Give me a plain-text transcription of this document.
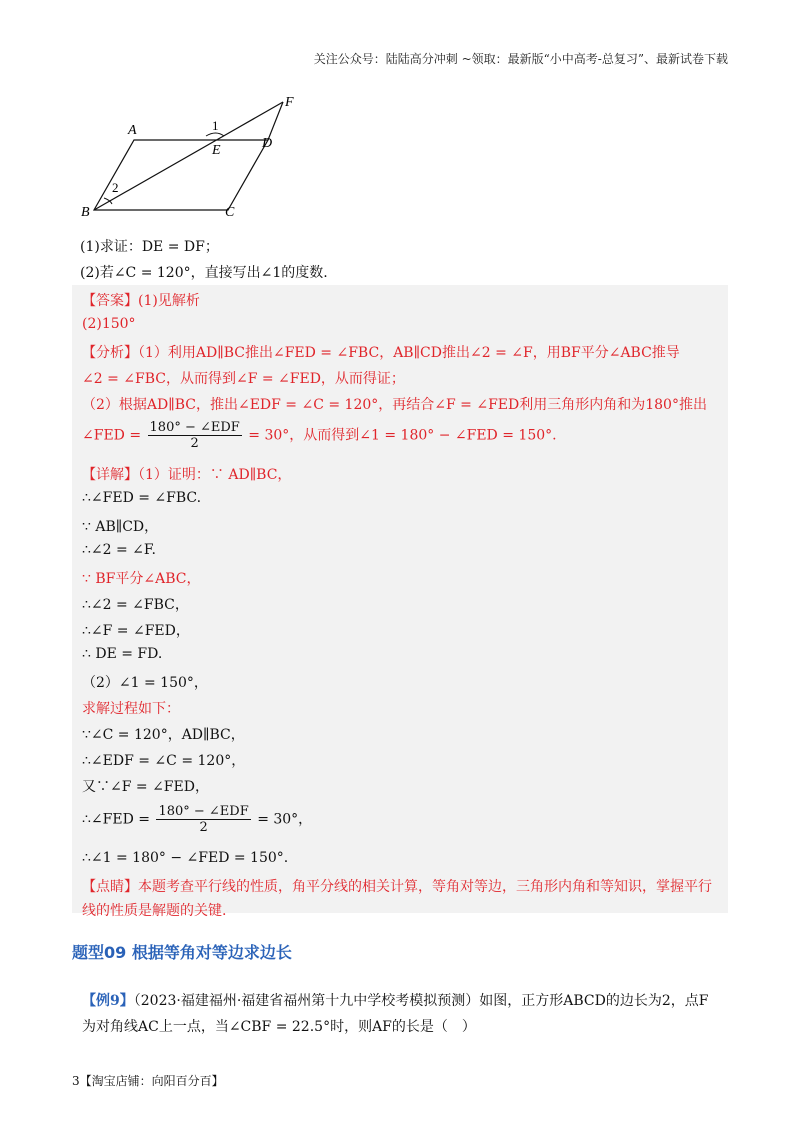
关注公众号：陆陆高分冲刺 ~领取：最新版“小中高考-总复习”、最新试卷下载
A
D
E
F
B	C
1
2
(1)求证：DE = DF；
(2)若∠C = 120°，直接写出∠1的度数.
【答案】(1)见解析
(2)150°
【分析】（1）利用AD∥BC推出∠FED = ∠FBC，AB∥CD推出∠2 = ∠F，用BF平分∠ABC推导
∠2 = ∠FBC，从而得到∠F = ∠FED，从而得证；
（2）根据AD∥BC，推出∠EDF = ∠C = 120°，再结合∠F = ∠FED利用三角形内角和为180°推出
∠FED = $\frac{\text{180° − ∠EDF}}{2} = 30^\circ$，从而得到∠1 = 180° − ∠FED = 150°.
【详解】（1）证明：∵ AD∥BC，
∴∠FED = ∠FBC.
∵ AB∥CD，
∴∠2 = ∠F.
∵ BF平分∠ABC，
∴∠2 = ∠FBC，
∴∠F = ∠FED，
∴ DE = FD.
（2）∠1 = 150°，
求解过程如下：
∵∠C = 120°，AD∥BC，
∴∠EDF = ∠C = 120°，
又∵∠F = ∠FED，
∴∠FED = $\frac{\text{180° − ∠EDF}}{2} = 30^\circ$，
∴∠1 = 180° − ∠FED = 150°.
【点睛】本题考查平行线的性质，角平分线的相关计算，等角对等边，三角形内角和等知识，掌握平行
线的性质是解题的关键.
题型09 根据等角对等边求边长
【例9】（2023·福建福州·福建省福州第十九中学校考模拟预测）如图，正方形ABCD的边长为2，点F
为对角线AC上一点，当∠CBF = 22.5°时，则AF的长是（　）
3【淘宝店铺：向阳百分百】
